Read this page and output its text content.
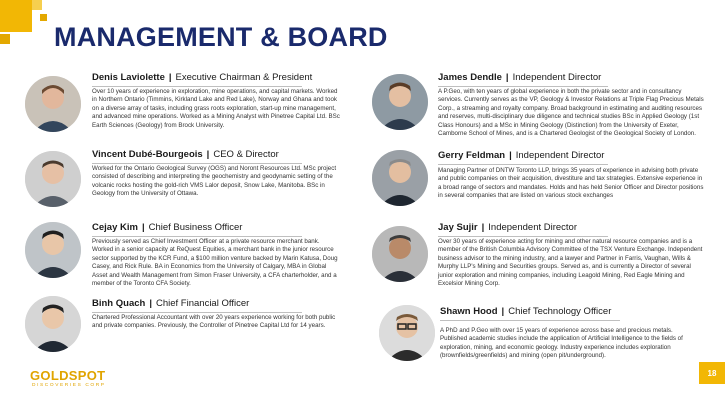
MANAGEMENT & BOARD
Denis Laviolette | Executive Chairman & President
Over 10 years of experience in exploration, mine operations, and capital markets. Worked in Northern Ontario (Timmins, Kirkland Lake and Red Lake), Norway and Ghana and took on a diverse array of tasks, including grass roots exploration, start-up mine management, and advanced mine operations. Worked as a Mining Analyst with Pinetree Capital Ltd. BSc Earth Sciences (Geology) from Brock University.
Vincent Dubé-Bourgeois | CEO & Director
Worked for the Ontario Geological Survey (OGS) and Noront Resources Ltd. MSc project consisted of describing and interpreting the geochemistry and geodynamic setting of the volcanic rocks hosting the gold-rich VMS Lalor deposit, Snow Lake, Manitoba. BSc in Geology from the University of Ottawa.
Cejay Kim | Chief Business Officer
Previously served as Chief Investment Officer at a private resource merchant bank. Worked in a senior capacity at ReQuest Equities, a merchant bank in the junior resource sector supported by the KCR Fund, a $100 million venture backed by Marin Katusa, Doug Casey, and Rick Rule. BA in Economics from the University of Calgary, MBA in Global Asset and Wealth Management from Simon Fraser University, a CFA charterholder, and a member of the Toronto CFA Society.
Binh Quach | Chief Financial Officer
Chartered Professional Accountant with over 20 years experience working for both public and private companies. Previously, the Controller of Pinetree Capital Ltd for 14 years.
James Dendle | Independent Director
A P.Geo, with ten years of global experience in both the private sector and in consultancy services. Currently serves as the VP, Geology & Investor Relations at Triple Flag Precious Metals Corp., a streaming and royalty company. Broad background in estimating and auditing resources and reserves, multi-disciplinary due diligence and technical studies BSc in Applied Geology (1st Class Honours) and a MSc in Mining Geology (Distinction) from the University of Exeter, Camborne School of Mines, and is a Chartered Geologist of the Geological Society of London.
Gerry Feldman | Independent Director
Managing Partner of DNTW Toronto LLP, brings 35 years of experience in advising both private and public companies on their acquisition, divestiture and tax strategies. Extensive experience in a broad range of sectors and mandates. Holds and has held Senior Officer and Director positions in several companies that are listed on various stock exchanges
Jay Sujir | Independent Director
Over 30 years of experience acting for mining and other natural resource companies and is a member of the British Columbia Advisory Committee of the TSX Venture Exchange. Independent business advisor to the mining industry, and a lawyer and Partner in Farris, Vaughan, Wills & Murphy LLP's Mining and Securities groups. Served as, and is currently a Director of several junior exploration and mining companies, including Leagold Mining, Red Eagle Mining and Excelsior Mining Corp.
Shawn Hood | Chief Technology Officer
A PhD and P.Geo with over 15 years of experience across base and precious metals. Published academic studies include the application of Artificial Intelligence to the fields of exploration, mining, and economic geology. Industry experience includes exploration (brownfields/greenfields) and mining (open pit/underground).
GOLDSPOT
DISCOVERIES CORP
18
